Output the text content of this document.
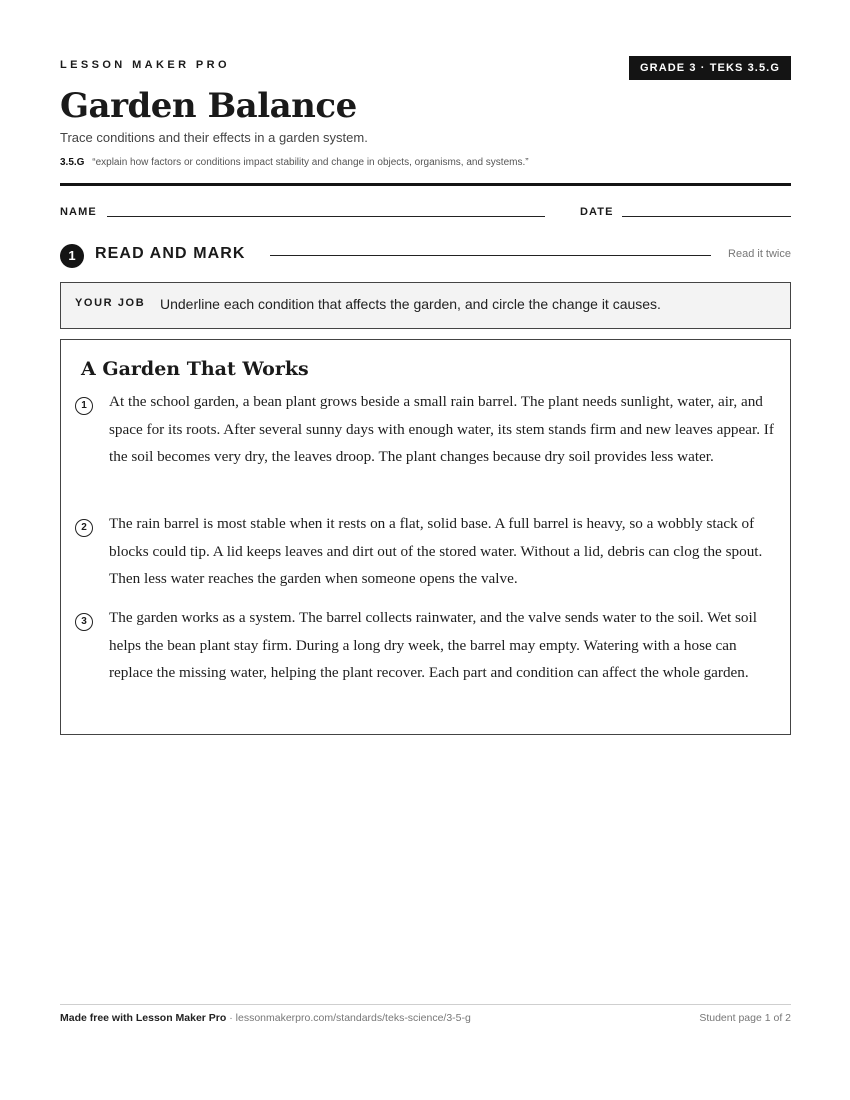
LESSON MAKER PRO	GRADE 3 · TEKS 3.5.G
Garden Balance
Trace conditions and their effects in a garden system.
3.5.G “explain how factors or conditions impact stability and change in objects, organisms, and systems.”
NAME	DATE
1	READ AND MARK	Read it twice
YOUR JOB Underline each condition that affects the garden, and circle the change it causes.
A Garden That Works
1	At the school garden, a bean plant grows beside a small rain barrel. The plant needs sunlight, water, air, and space for its roots. After several sunny days with enough water, its stem stands firm and new leaves appear. If the soil becomes very dry, the leaves droop. The plant changes because dry soil provides less water.

2	The rain barrel is most stable when it rests on a flat, solid base. A full barrel is heavy, so a wobbly stack of blocks could tip. A lid keeps leaves and dirt out of the stored water. Without a lid, debris can clog the spout. Then less water reaches the garden when someone opens the valve.

3	The garden works as a system. The barrel collects rainwater, and the valve sends water to the soil. Wet soil helps the bean plant stay firm. During a long dry week, the barrel may empty. Watering with a hose can replace the missing water, helping the plant recover. Each part and condition can affect the whole garden.

Made free with Lesson Maker Pro · lessonmakerpro.com/standards/teks-science/3-5-g	Student page 1 of 2
